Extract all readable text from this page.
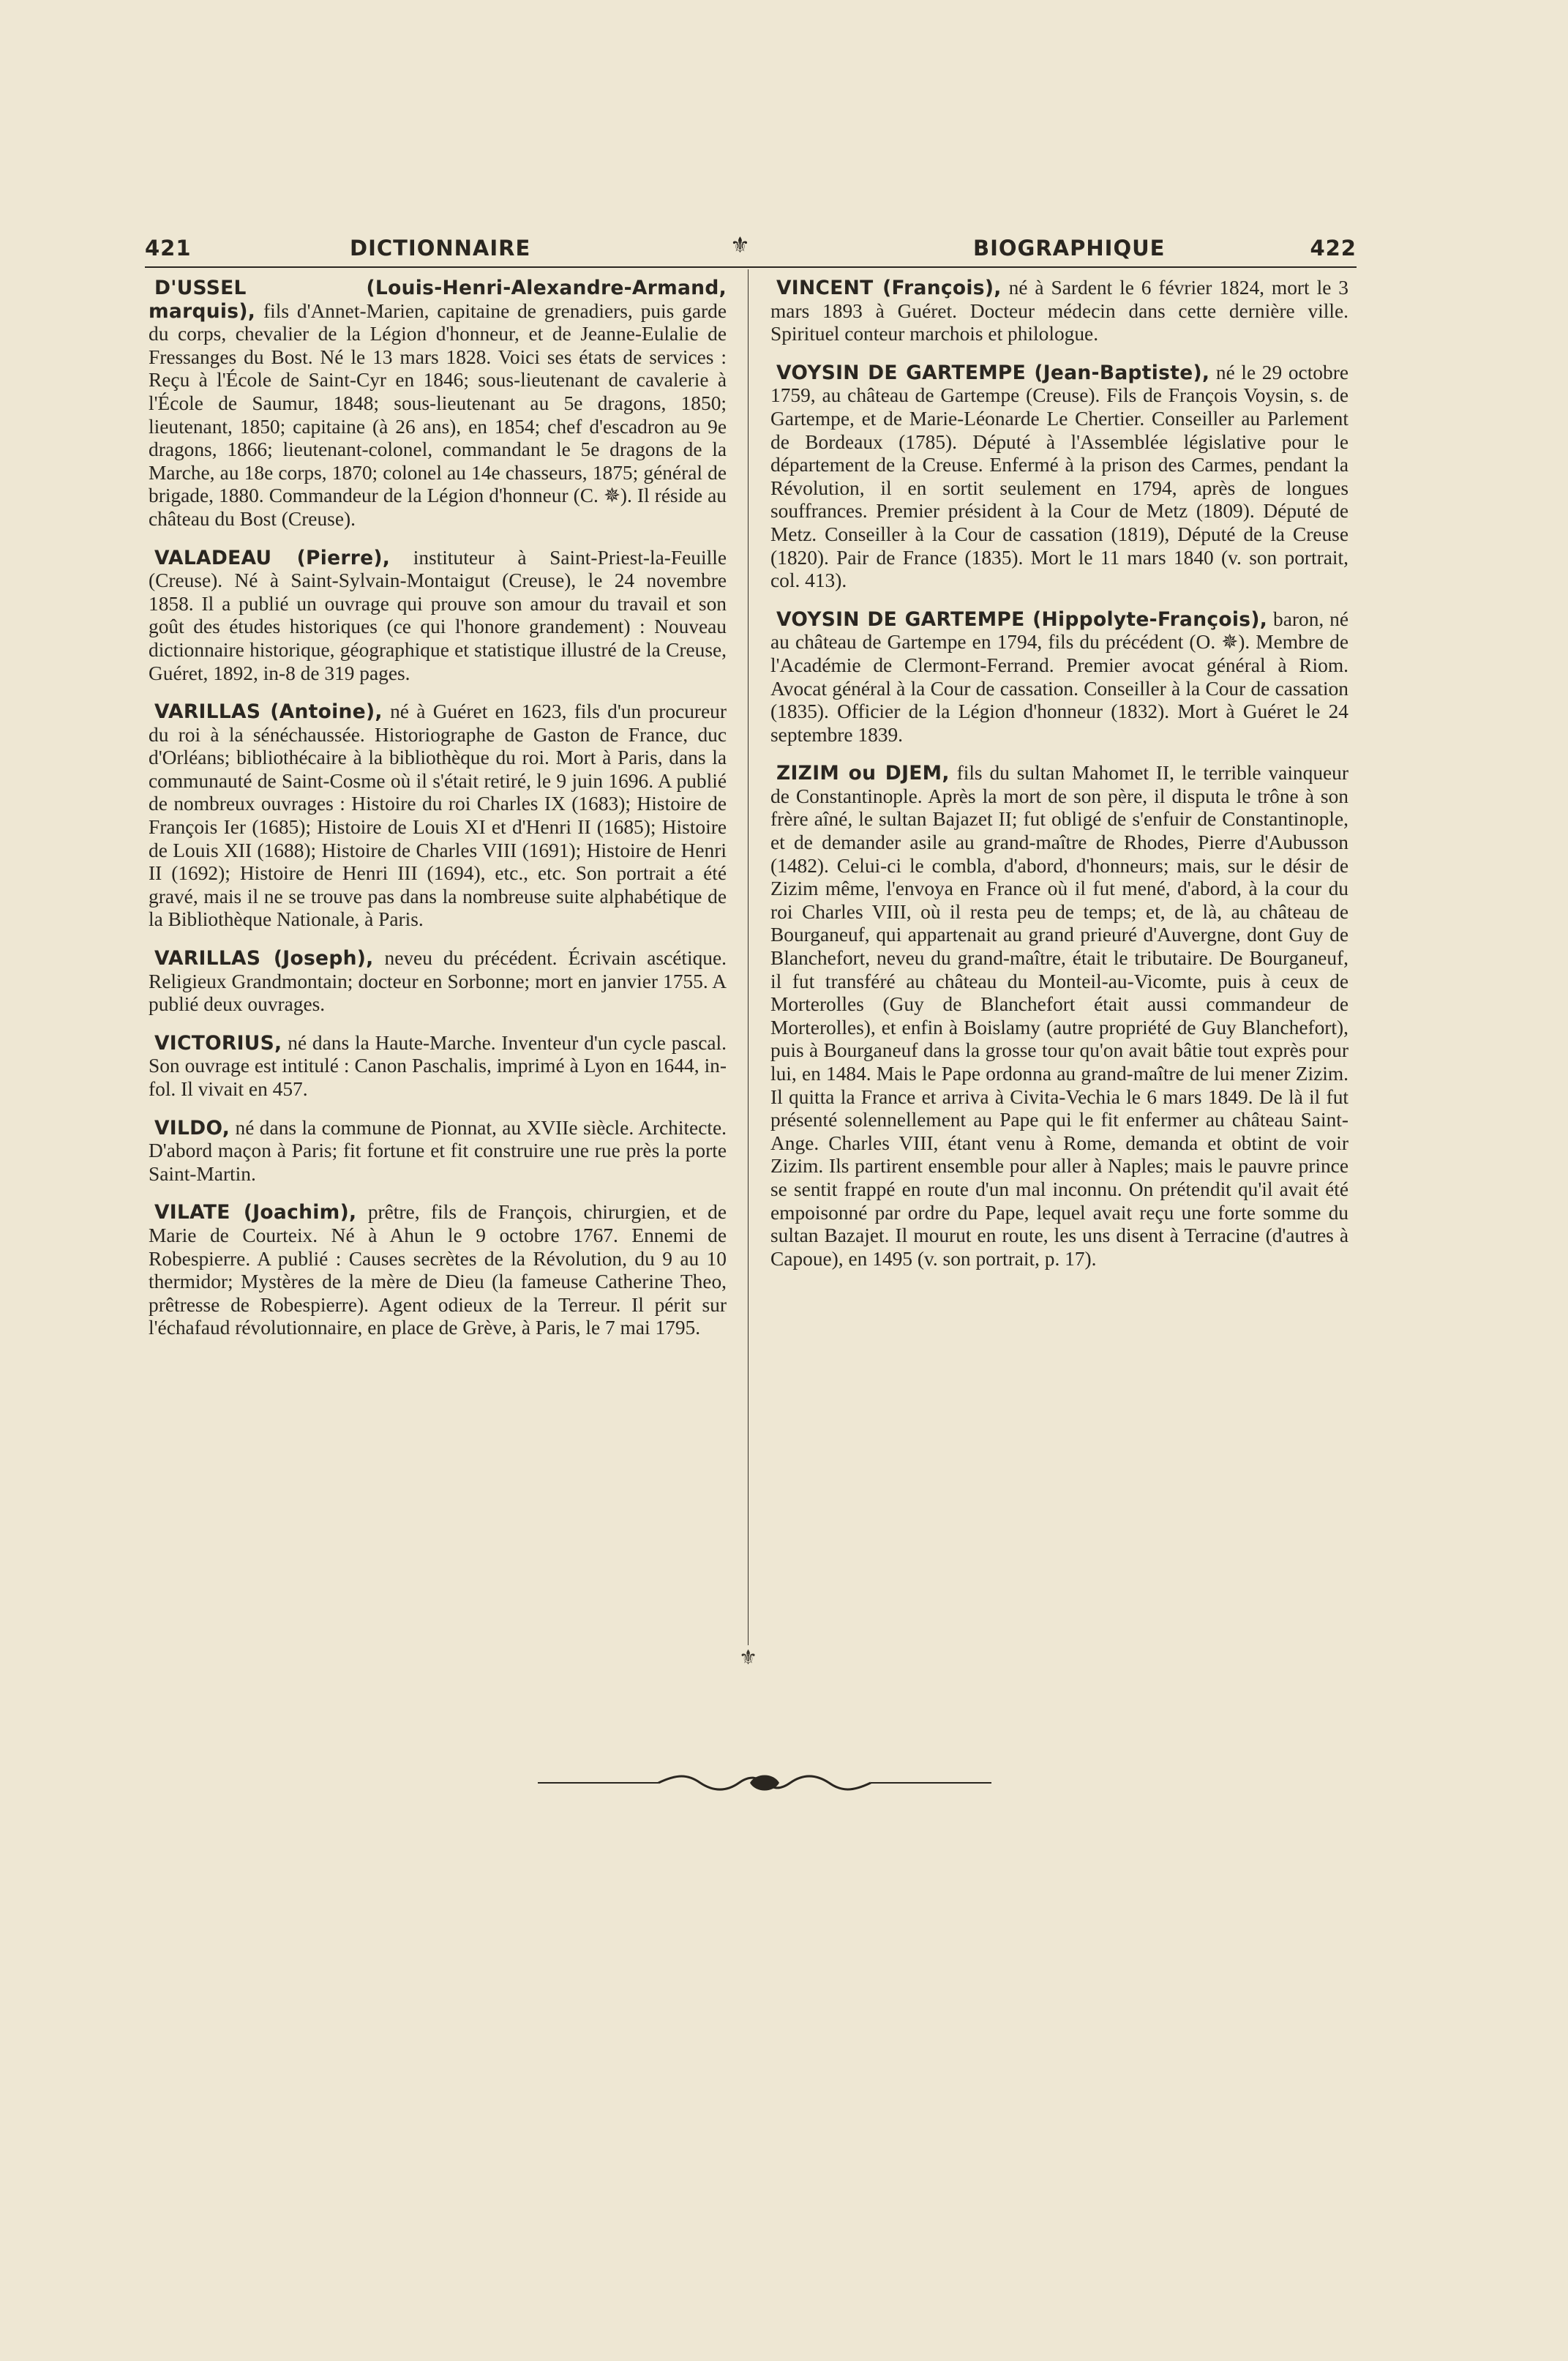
421	DICTIONNAIRE	⚜	BIOGRAPHIQUE	422

D'USSEL (Louis-Henri-Alexandre-Armand, marquis), fils d'Annet-Marien, capitaine de grenadiers, puis garde du corps, chevalier de la Légion d'honneur, et de Jeanne-Eulalie de Fressanges du Bost. Né le 13 mars 1828. Voici ses états de services : Reçu à l'École de Saint-Cyr en 1846; sous-lieutenant de cavalerie à l'École de Saumur, 1848; sous-lieutenant au 5e dragons, 1850; lieutenant, 1850; capitaine (à 26 ans), en 1854; chef d'escadron au 9e dragons, 1866; lieutenant-colonel, commandant le 5e dragons de la Marche, au 18e corps, 1870; colonel au 14e chasseurs, 1875; général de brigade, 1880. Commandeur de la Légion d'honneur (C. ✵). Il réside au château du Bost (Creuse).

VALADEAU (Pierre), instituteur à Saint-Priest-la-Feuille (Creuse). Né à Saint-Sylvain-Montaigut (Creuse), le 24 novembre 1858. Il a publié un ouvrage qui prouve son amour du travail et son goût des études historiques (ce qui l'honore grandement) : Nouveau dictionnaire historique, géographique et statistique illustré de la Creuse, Guéret, 1892, in-8 de 319 pages.

VARILLAS (Antoine), né à Guéret en 1623, fils d'un procureur du roi à la sénéchaussée. Historiographe de Gaston de France, duc d'Orléans; bibliothécaire à la bibliothèque du roi. Mort à Paris, dans la communauté de Saint-Cosme où il s'était retiré, le 9 juin 1696. A publié de nombreux ouvrages : Histoire du roi Charles IX (1683); Histoire de François Ier (1685); Histoire de Louis XI et d'Henri II (1685); Histoire de Louis XII (1688); Histoire de Charles VIII (1691); Histoire de Henri II (1692); Histoire de Henri III (1694), etc., etc. Son portrait a été gravé, mais il ne se trouve pas dans la nombreuse suite alphabétique de la Bibliothèque Nationale, à Paris.

VARILLAS (Joseph), neveu du précédent. Écrivain ascétique. Religieux Grandmontain; docteur en Sorbonne; mort en janvier 1755. A publié deux ouvrages.

VICTORIUS, né dans la Haute-Marche. Inventeur d'un cycle pascal. Son ouvrage est intitulé : Canon Paschalis, imprimé à Lyon en 1644, in-fol. Il vivait en 457.

VILDO, né dans la commune de Pionnat, au XVIIe siècle. Architecte. D'abord maçon à Paris; fit fortune et fit construire une rue près la porte Saint-Martin.

VILATE (Joachim), prêtre, fils de François, chirurgien, et de Marie de Courteix. Né à Ahun le 9 octobre 1767. Ennemi de Robespierre. A publié : Causes secrètes de la Révolution, du 9 au 10 thermidor; Mystères de la mère de Dieu (la fameuse Catherine Theo, prêtresse de Robespierre). Agent odieux de la Terreur. Il périt sur l'échafaud révolutionnaire, en place de Grève, à Paris, le 7 mai 1795.

VINCENT (François), né à Sardent le 6 février 1824, mort le 3 mars 1893 à Guéret. Docteur médecin dans cette dernière ville. Spirituel conteur marchois et philologue.

VOYSIN DE GARTEMPE (Jean-Baptiste), né le 29 octobre 1759, au château de Gartempe (Creuse). Fils de François Voysin, s. de Gartempe, et de Marie-Léonarde Le Chertier. Conseiller au Parlement de Bordeaux (1785). Député à l'Assemblée législative pour le département de la Creuse. Enfermé à la prison des Carmes, pendant la Révolution, il en sortit seulement en 1794, après de longues souffrances. Premier président à la Cour de Metz (1809). Député de Metz. Conseiller à la Cour de cassation (1819), Député de la Creuse (1820). Pair de France (1835). Mort le 11 mars 1840 (v. son portrait, col. 413).

VOYSIN DE GARTEMPE (Hippolyte-François), baron, né au château de Gartempe en 1794, fils du précédent (O. ✵). Membre de l'Académie de Clermont-Ferrand. Premier avocat général à Riom. Avocat général à la Cour de cassation. Conseiller à la Cour de cassation (1835). Officier de la Légion d'honneur (1832). Mort à Guéret le 24 septembre 1839.

ZIZIM ou DJEM, fils du sultan Mahomet II, le terrible vainqueur de Constantinople. Après la mort de son père, il disputa le trône à son frère aîné, le sultan Bajazet II; fut obligé de s'enfuir de Constantinople, et de demander asile au grand-maître de Rhodes, Pierre d'Aubusson (1482). Celui-ci le combla, d'abord, d'honneurs; mais, sur le désir de Zizim même, l'envoya en France où il fut mené, d'abord, à la cour du roi Charles VIII, où il resta peu de temps; et, de là, au château de Bourganeuf, qui appartenait au grand prieuré d'Auvergne, dont Guy de Blanchefort, neveu du grand-maître, était le tributaire. De Bourganeuf, il fut transféré au château du Monteil-au-Vicomte, puis à ceux de Morterolles (Guy de Blanchefort était aussi commandeur de Morterolles), et enfin à Boislamy (autre propriété de Guy Blanchefort), puis à Bourganeuf dans la grosse tour qu'on avait bâtie tout exprès pour lui, en 1484. Mais le Pape ordonna au grand-maître de lui mener Zizim. Il quitta la France et arriva à Civita-Vechia le 6 mars 1849. De là il fut présenté solennellement au Pape qui le fit enfermer au château Saint-Ange. Charles VIII, étant venu à Rome, demanda et obtint de voir Zizim. Ils partirent ensemble pour aller à Naples; mais le pauvre prince se sentit frappé en route d'un mal inconnu. On prétendit qu'il avait été empoisonné par ordre du Pape, lequel avait reçu une forte somme du sultan Bazajet. Il mourut en route, les uns disent à Terracine (d'autres à Capoue), en 1495 (v. son portrait, p. 17).

⚜
